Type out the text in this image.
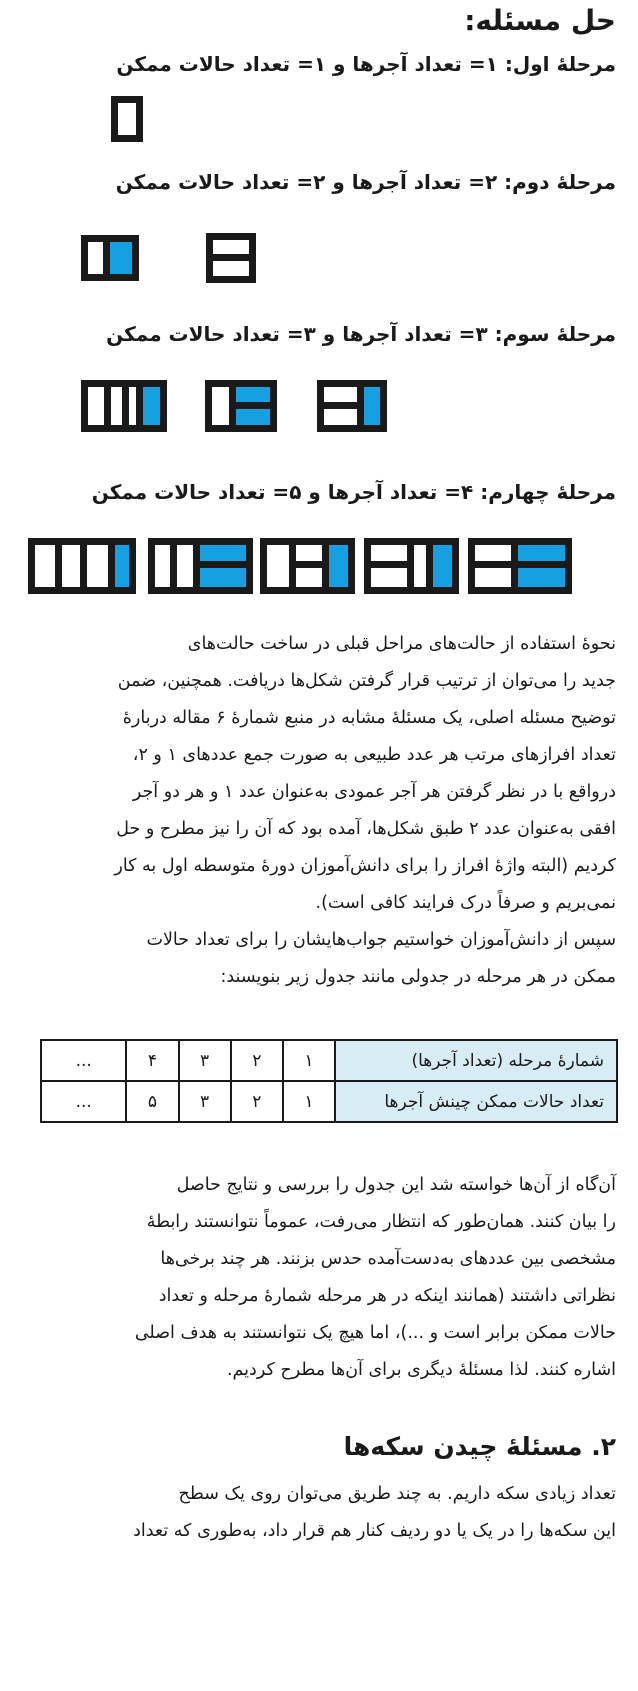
حل مسئله:
مرحلهٔ اول: ۱= تعداد آجرها و ۱= تعداد حالات ممکن
مرحلهٔ دوم: ۲= تعداد آجرها و ۲= تعداد حالات ممکن
مرحلهٔ سوم: ۳= تعداد آجرها و ۳= تعداد حالات ممکن
مرحلهٔ چهارم: ۴= تعداد آجرها و ۵= تعداد حالات ممکن

نحوهٔ استفاده از حالت‌های مراحل قبلی در ساخت حالت‌های

جدید را می‌توان از ترتیب قرار گرفتن شکل‌ها دریافت. همچنین، ضمن

توضیح مسئله اصلی، یک مسئلهٔ مشابه در منبع شمارهٔ ۶ مقاله دربارهٔ

تعداد افرازهای مرتب هر عدد طبیعی به صورت جمع عددهای ۱ و ۲،

درواقع با در نظر گرفتن هر آجر عمودی به‌عنوان عدد ۱ و هر دو آجر

افقی به‌عنوان عدد ۲ طبق شکل‌ها، آمده بود که آن را نیز مطرح و حل

کردیم (البته واژهٔ افراز را برای دانش‌آموزان دورهٔ متوسطه اول به کار

نمی‌بریم و صرفاً درک فرایند کافی است).

سپس از دانش‌آموزان خواستیم جواب‌هایشان را برای تعداد حالات

ممکن در هر مرحله در جدولی مانند جدول زیر بنویسند:

شمارهٔ مرحله (تعداد آجرها)	۱	۲	۳	۴	...
تعداد حالات ممکن چینش آجرها	۱	۲	۳	۵	...

آن‌گاه از آن‌ها خواسته شد این جدول را بررسی و نتایج حاصل

را بیان کنند. همان‌طور که انتظار می‌رفت، عموماً نتوانستند رابطهٔ

مشخصی بین عددهای به‌دست‌آمده حدس بزنند. هر چند برخی‌ها

نظراتی داشتند (همانند اینکه در هر مرحله شمارهٔ مرحله و تعداد

حالات ممکن برابر است و ...)، اما هیچ یک نتوانستند به هدف اصلی

اشاره کنند. لذا مسئلهٔ دیگری برای آن‌ها مطرح کردیم.

۲. مسئلهٔ چیدن سکه‌ها

تعداد زیادی سکه داریم. به چند طریق می‌توان روی یک سطح

این سکه‌ها را در یک یا دو ردیف کنار هم قرار داد، به‌طوری که تعداد
